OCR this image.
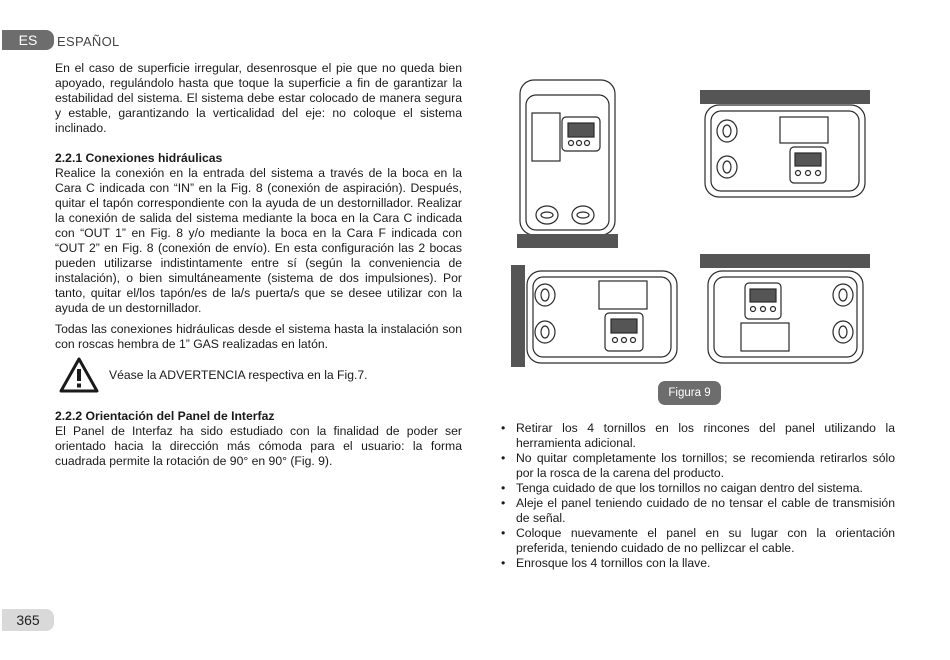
ES	ESPAÑOL

En el caso de superficie irregular, desenrosque el pie que no queda bien apoyado, regulándolo hasta que toque la superficie a fin de garantizar la estabilidad del sistema. El sistema debe estar colocado de manera segura y estable, garantizando la verticalidad del eje: no coloque el sistema inclinado.

2.2.1 Conexiones hidráulicas

Realice la conexión en la entrada del sistema a través de la boca en la Cara C indicada con “IN” en la Fig. 8 (conexión de aspiración). Después, quitar el tapón correspondiente con la ayuda de un destornillador. Realizar la conexión de salida del sistema mediante la boca en la Cara C indicada con “OUT 1” en Fig. 8 y/o mediante la boca en la Cara F indicada con “OUT 2” en Fig. 8 (conexión de envío). En esta configuración las 2 bocas pueden utilizarse indistintamente entre sí (según la conveniencia de instalación), o bien simultáneamente (sistema de dos impulsiones). Por tanto, quitar el/los tapón/es de la/s puerta/s que se desee utilizar con la ayuda de un destornillador.

Todas las conexiones hidráulicas desde el sistema hasta la instalación son con roscas hembra de 1” GAS realizadas en latón.

Véase la ADVERTENCIA respectiva en la Fig.7.
2.2.2 Orientación del Panel de Interfaz

El Panel de Interfaz ha sido estudiado con la finalidad de poder ser orientado hacia la dirección más cómoda para el usuario: la forma cuadrada permite la rotación de 90° en 90° (Fig. 9).

Figura 9
• Retirar los 4 tornillos en los rincones del panel utilizando la herramienta adicional.
• No quitar completamente los tornillos; se recomienda retirarlos sólo por la rosca de la carena del producto.
• Tenga cuidado de que los tornillos no caigan dentro del sistema.
• Aleje el panel teniendo cuidado de no tensar el cable de transmisión de señal.
• Coloque nuevamente el panel en su lugar con la orientación preferida, teniendo cuidado de no pellizcar el cable.
• Enrosque los 4 tornillos con la llave.
365
